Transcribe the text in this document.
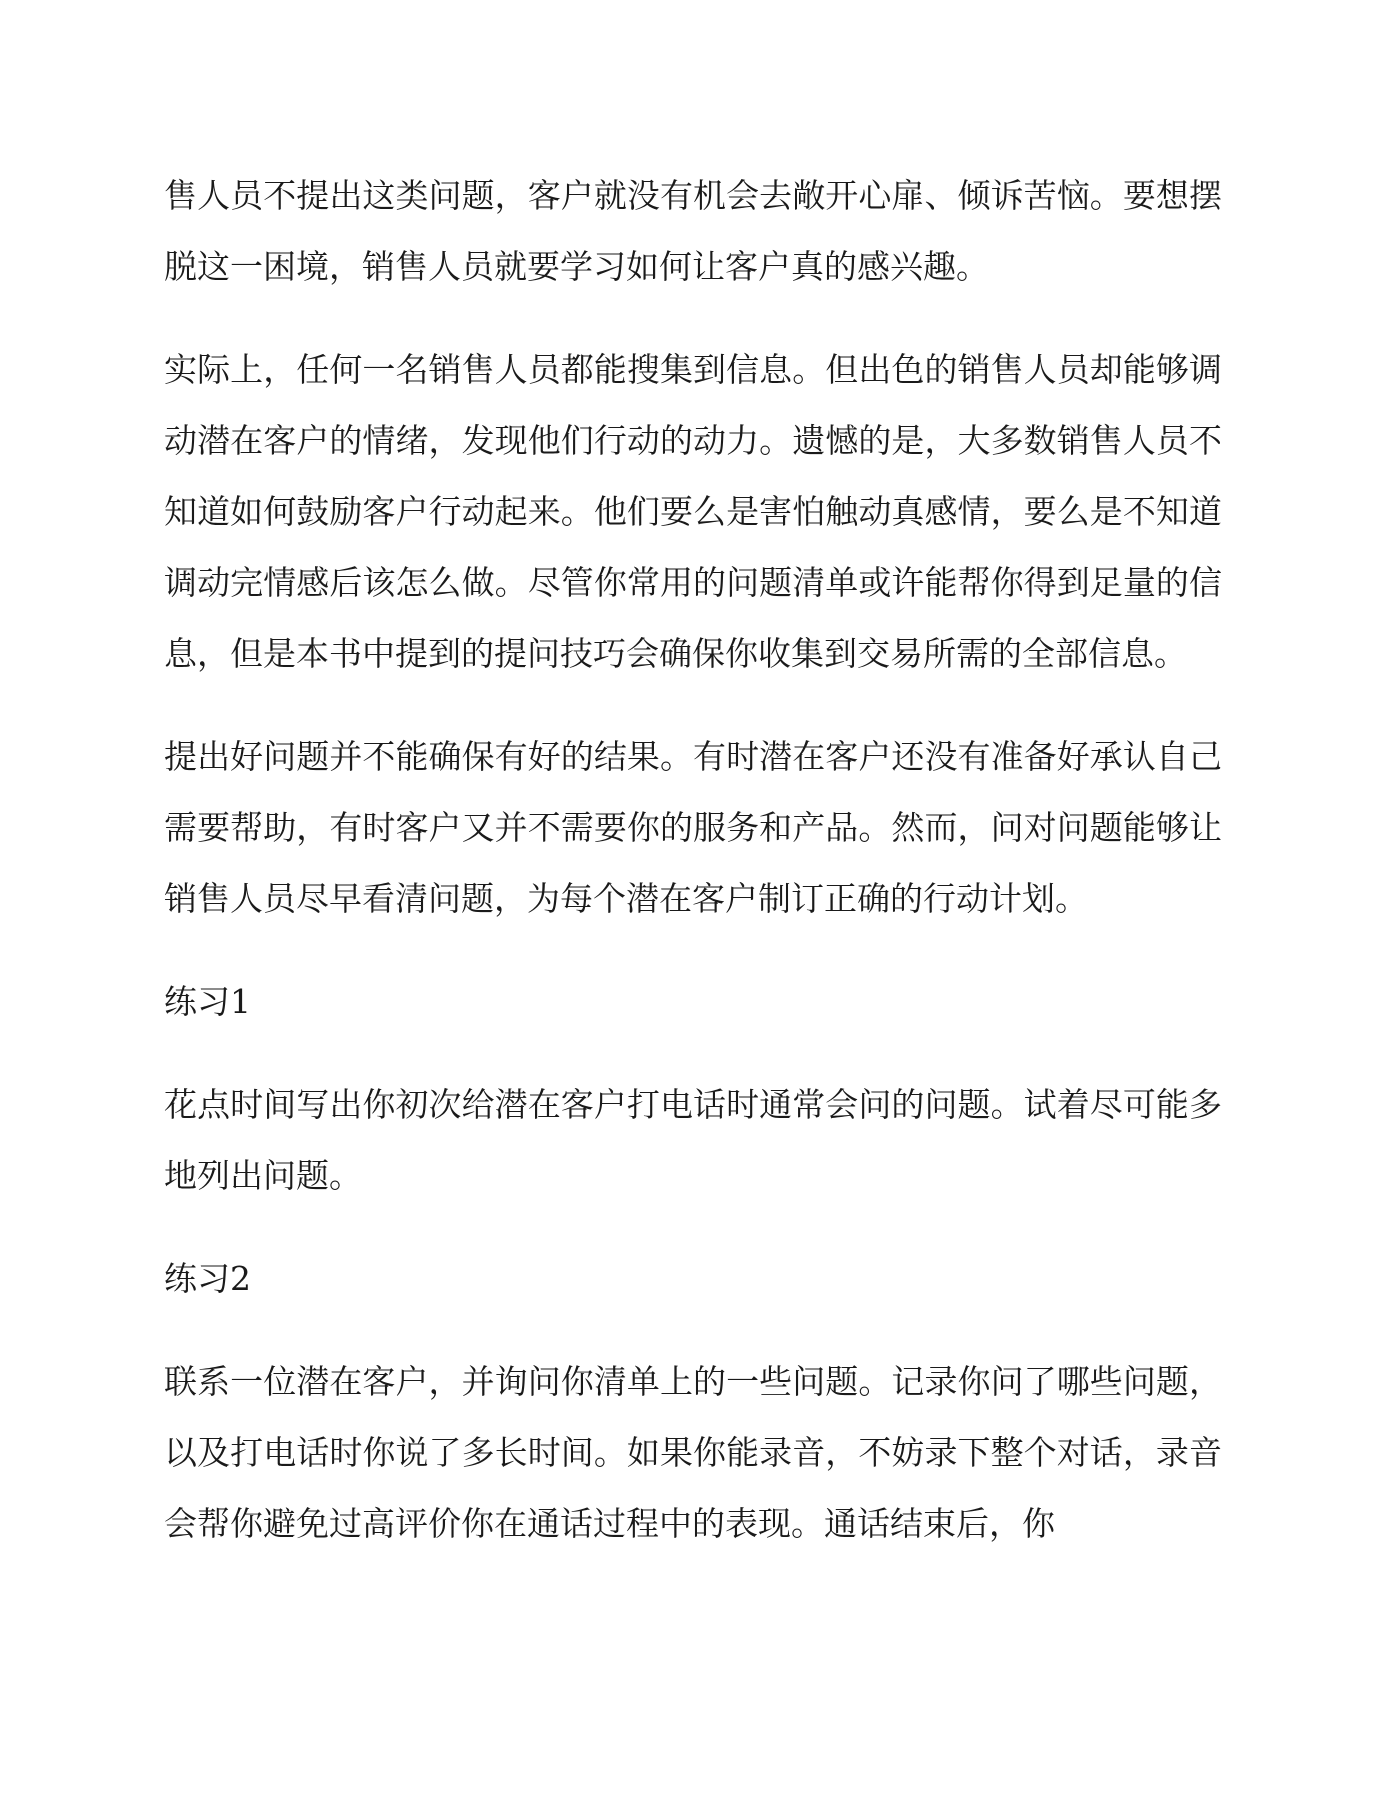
售人员不提出这类问题，客户就没有机会去敞开心扉、倾诉苦恼。要想摆脱这一困境，销售人员就要学习如何让客户真的感兴趣。

实际上，任何一名销售人员都能搜集到信息。但出色的销售人员却能够调动潜在客户的情绪，发现他们行动的动力。遗憾的是，大多数销售人员不知道如何鼓励客户行动起来。他们要么是害怕触动真感情，要么是不知道调动完情感后该怎么做。尽管你常用的问题清单或许能帮你得到足量的信息，但是本书中提到的提问技巧会确保你收集到交易所需的全部信息。

提出好问题并不能确保有好的结果。有时潜在客户还没有准备好承认自己需要帮助，有时客户又并不需要你的服务和产品。然而，问对问题能够让销售人员尽早看清问题，为每个潜在客户制订正确的行动计划。

练习1

花点时间写出你初次给潜在客户打电话时通常会问的问题。试着尽可能多地列出问题。

练习2

联系一位潜在客户，并询问你清单上的一些问题。记录你问了哪些问题，以及打电话时你说了多长时间。如果你能录音，不妨录下整个对话，录音会帮你避免过高评价你在通话过程中的表现。通话结束后，你
